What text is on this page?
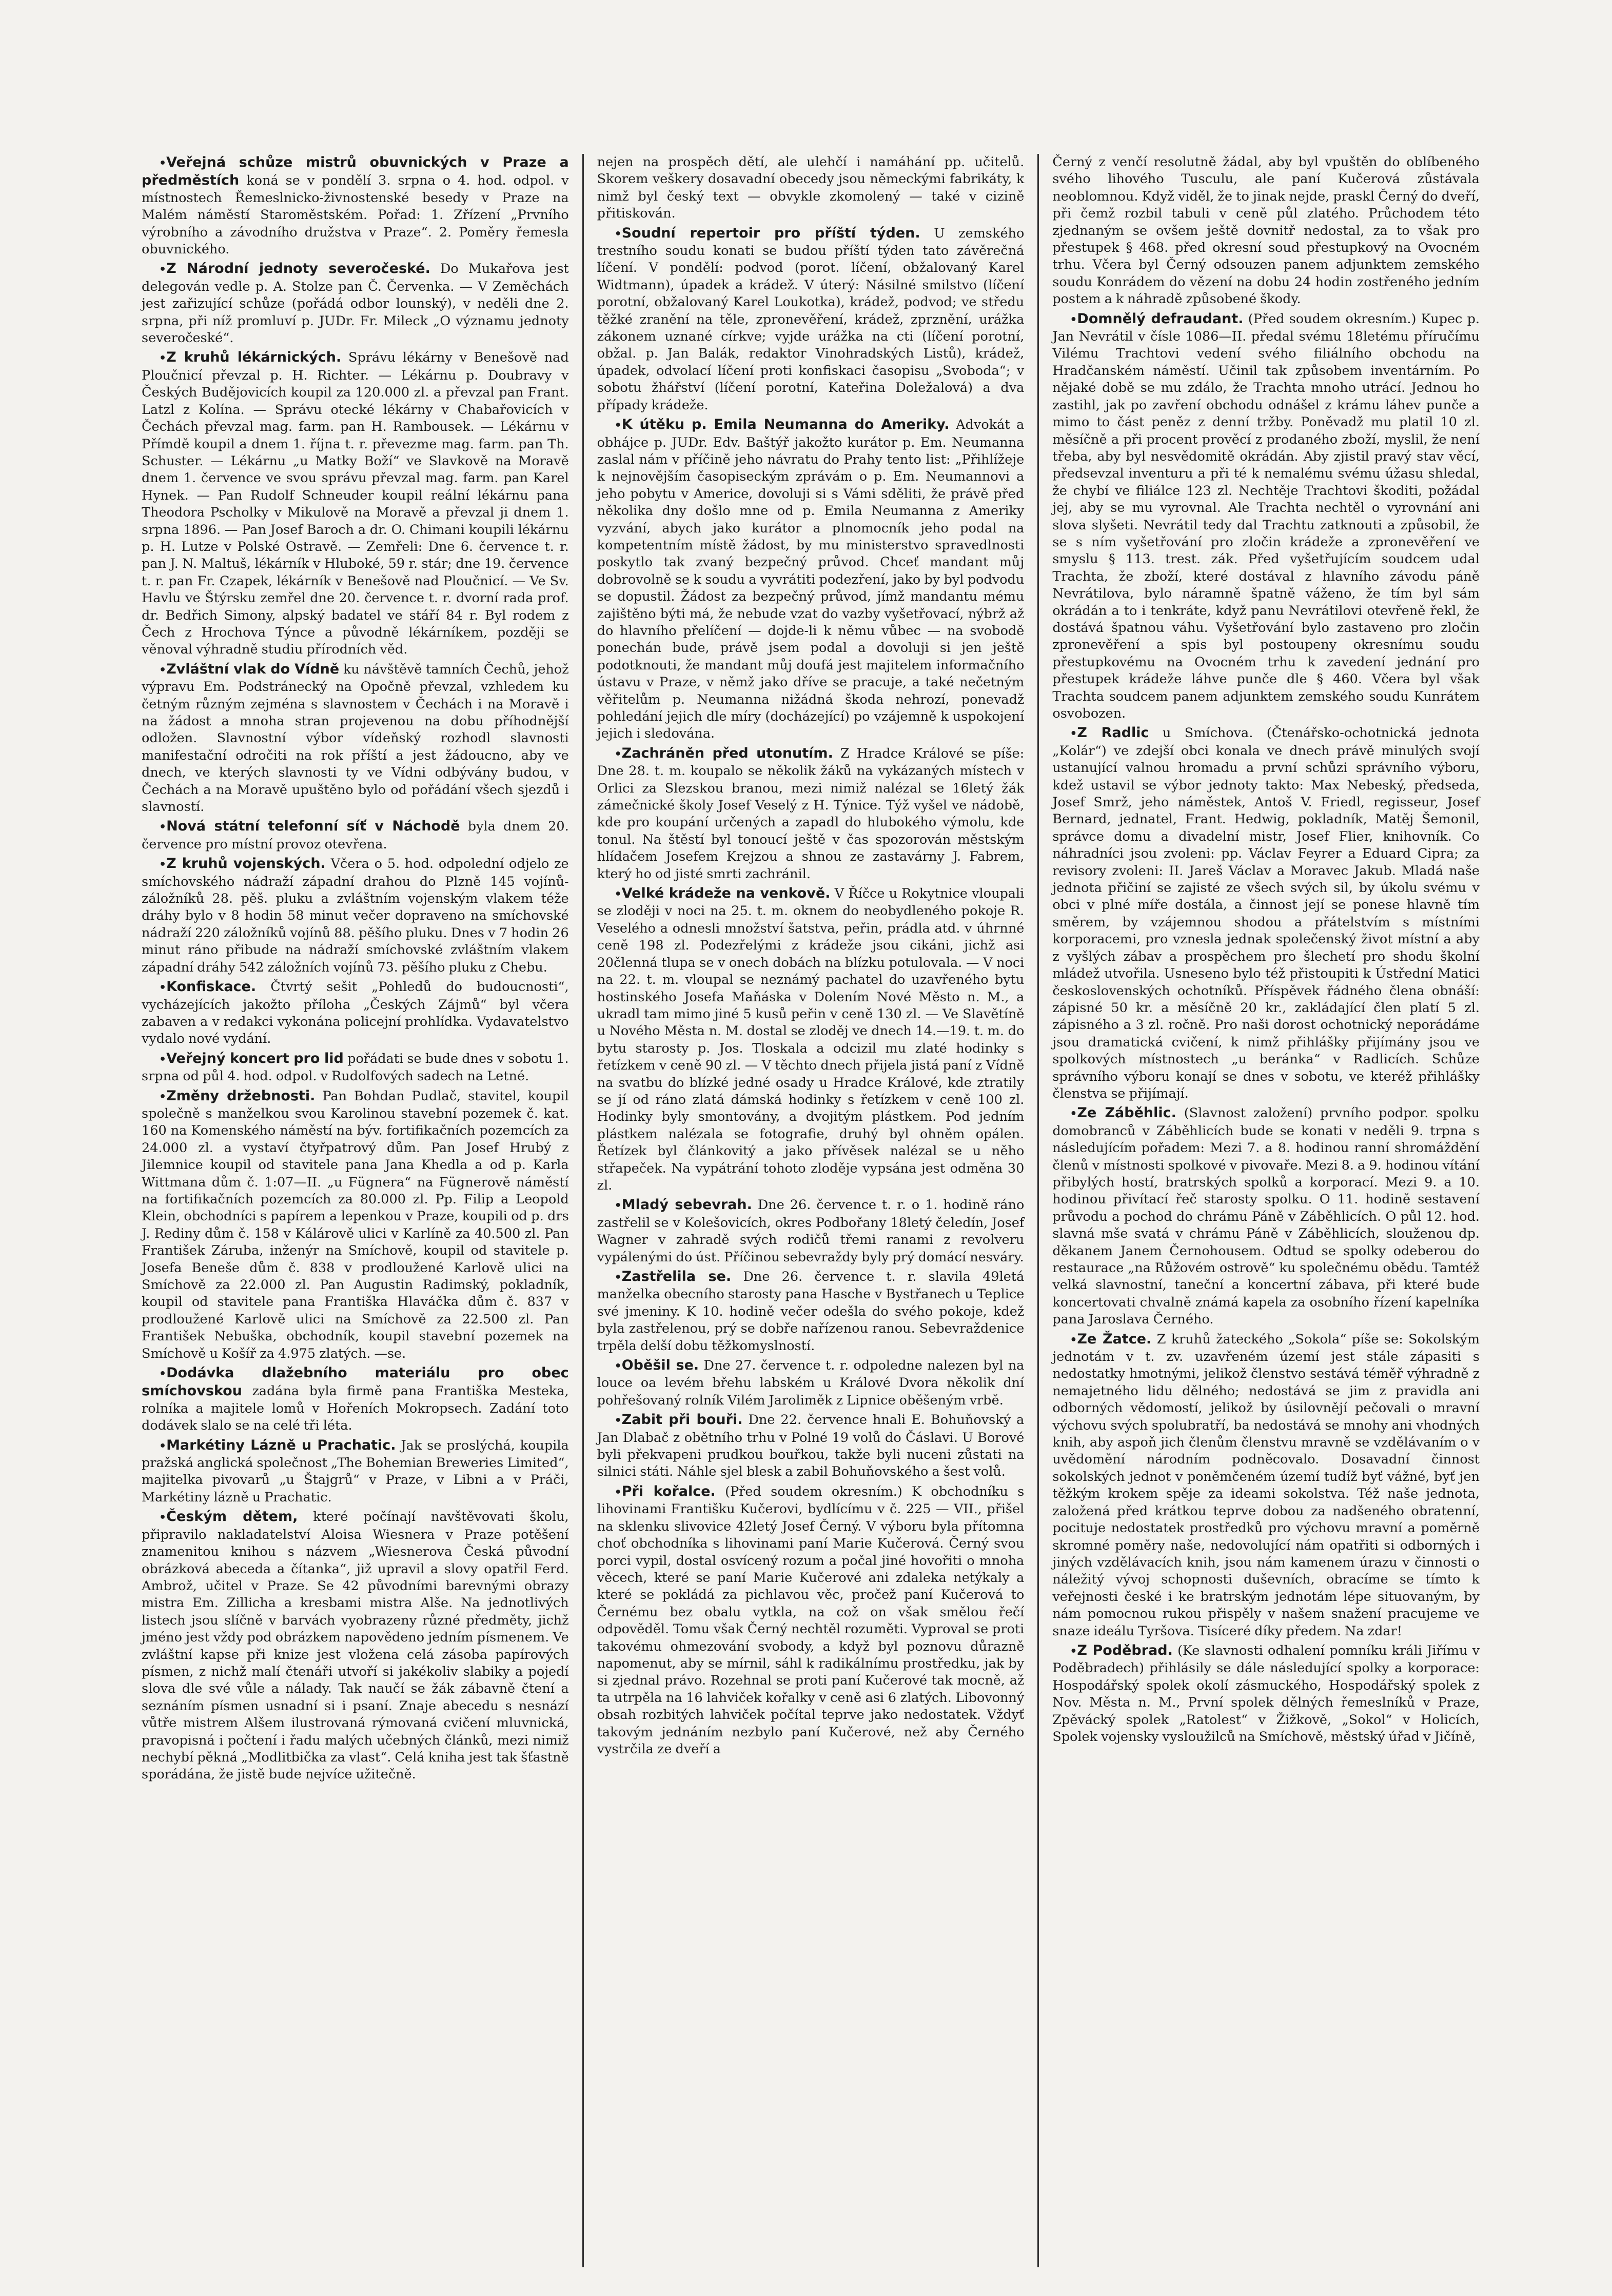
• Veřejná schůze mistrů obuvnických v Praze a předměstích koná se v pondělí 3. srpna o 4. hod. odpol. v místnostech Řemeslnicko-živnostenské besedy v Praze na Malém náměstí Staroměstském. Pořad: 1. Zřízení „Prvního výrobního a závodního družstva v Praze“. 2. Poměry řemesla obuvnického.

• Z Národní jednoty severočeské. Do Mukařova jest delegován vedle p. A. Stolze pan Č. Červenka. — V Zeměchách jest zařizující schůze (pořádá odbor lounský), v neděli dne 2. srpna, při níž promluví p. JUDr. Fr. Mileck „O významu jednoty severočeské“.

• Z kruhů lékárnických. Správu lékárny v Benešově nad Ploučnicí převzal p. H. Richter. — Lékárnu p. Doubravy v Českých Budějovicích koupil za 120.000 zl. a převzal pan Frant. Latzl z Kolína. — Správu otecké lékárny v Chabařovicích v Čechách převzal mag. farm. pan H. Rambousek. — Lékárnu v Přímdě koupil a dnem 1. října t. r. převezme mag. farm. pan Th. Schuster. — Lékárnu „u Matky Boží“ ve Slavkově na Moravě dnem 1. července ve svou správu převzal mag. farm. pan Karel Hynek. — Pan Rudolf Schneuder koupil reální lékárnu pana Theodora Pscholky v Mikulově na Moravě a převzal ji dnem 1. srpna 1896. — Pan Josef Baroch a dr. O. Chimani koupili lékárnu p. H. Lutze v Polské Ostravě. — Zemřeli: Dne 6. července t. r. pan J. N. Maltuš, lékárník v Hluboké, 59 r. stár; dne 19. července t. r. pan Fr. Czapek, lékárník v Benešově nad Ploučnicí. — Ve Sv. Havlu ve Štýrsku zemřel dne 20. července t. r. dvorní rada prof. dr. Bedřich Simony, alpský badatel ve stáří 84 r. Byl rodem z Čech z Hrochova Týnce a původně lékárníkem, později se věnoval výhradně studiu přírodních věd.

• Zvláštní vlak do Vídně ku návštěvě tamních Čechů, jehož výpravu Em. Podstránecký na Opočně převzal, vzhledem ku četným různým zejména s slavnostem v Čechách i na Moravě i na žádost a mnoha stran projevenou na dobu příhodnější odložen. Slavnostní výbor vídeňský rozhodl slavnosti manifestační odročiti na rok příští a jest žádoucno, aby ve dnech, ve kterých slavnosti ty ve Vídni odbývány budou, v Čechách a na Moravě upuštěno bylo od pořádání všech sjezdů i slavností.

• Nová státní telefonní síť v Náchodě byla dnem 20. července pro místní provoz otevřena.

• Z kruhů vojenských. Včera o 5. hod. odpolední odjelo ze smíchovského nádraží západní drahou do Plzně 145 vojínů-záložníků 28. pěš. pluku a zvláštním vojenským vlakem téže dráhy bylo v 8 hodin 58 minut večer dopraveno na smíchovské nádraží 220 záložníků vojínů 88. pěšího pluku. Dnes v 7 hodin 26 minut ráno přibude na nádraží smíchovské zvláštním vlakem západní dráhy 542 záložních vojínů 73. pěšího pluku z Chebu.

• Konfiskace. Čtvrtý sešit „Pohledů do budoucnosti“, vycházejících jakožto příloha „Českých Zájmů“ byl včera zabaven a v redakci vykonána policejní prohlídka. Vydavatelstvo vydalo nové vydání.

• Veřejný koncert pro lid pořádati se bude dnes v sobotu 1. srpna od půl 4. hod. odpol. v Rudolfových sadech na Letné.

• Změny držebnosti. Pan Bohdan Pudlač, stavitel, koupil společně s manželkou svou Karolinou stavební pozemek č. kat. 160 na Komenského náměstí na býv. fortifikačních pozemcích za 24.000 zl. a vystaví čtyřpatrový dům. Pan Josef Hrubý z Jilemnice koupil od stavitele pana Jana Khedla a od p. Karla Wittmana dům č. 1:07—II. „u Fügnera“ na Fügnerově náměstí na fortifikačních pozemcích za 80.000 zl. Pp. Filip a Leopold Klein, obchodníci s papírem a lepenkou v Praze, koupili od p. drs J. Rediny dům č. 158 v Kálárově ulici v Karlíně za 40.500 zl. Pan František Záruba, inženýr na Smíchově, koupil od stavitele p. Josefa Beneše dům č. 838 v prodloužené Karlově ulici na Smíchově za 22.000 zl. Pan Augustin Radimský, pokladník, koupil od stavitele pana Františka Hlaváčka dům č. 837 v prodloužené Karlově ulici na Smíchově za 22.500 zl. Pan František Nebuška, obchodník, koupil stavební pozemek na Smíchově u Košíř za 4.975 zlatých. —se.

• Dodávka dlažebního materiálu pro obec smíchovskou zadána byla firmě pana Františka Mesteka, rolníka a majitele lomů v Hořeních Mokropsech. Zadání toto dodávek slalo se na celé tři léta.

• Markétiny Lázně u Prachatic. Jak se proslýchá, koupila pražská anglická společnost „The Bohemian Breweries Limited“, majitelka pivovarů „u Štajgrů“ v Praze, v Libni a v Práči, Markétiny lázně u Prachatic.

• Českým dětem, které počínají navštěvovati školu, připravilo nakladatelství Aloisa Wiesnera v Praze potěšení znamenitou knihou s názvem „Wiesnerova Česká původní obrázková abeceda a čítanka“, již upravil a slovy opatřil Ferd. Ambrož, učitel v Praze. Se 42 původními barevnými obrazy mistra Em. Zillicha a kresbami mistra Alše. Na jednotlivých listech jsou slíčně v barvách vyobrazeny různé předměty, jichž jméno jest vždy pod obrázkem napovědeno jedním písmenem. Ve zvláštní kapse při knize jest vložena celá zásoba papírových písmen, z nichž malí čtenáři utvoří si jakékoliv slabiky a pojedí slova dle své vůle a nálady. Tak naučí se žák zábavně čtení a seznáním písmen usnadní si i psaní. Znaje abecedu s nesnází vůtře mistrem Alšem ilustrovaná rýmovaná cvičení mluvnická, pravopisná i počtení i řadu malých učebných článků, mezi nimiž nechybí pěkná „Modlitbička za vlast“. Celá kniha jest tak šťastně sporádána, že jistě bude nejvíce užitečně.

nejen na prospěch dětí, ale ulehčí i namáhání pp. učitelů. Skorem veškery dosavadní obecedy jsou německými fabrikáty, k nimž byl český text — obvykle zkomolený — také v cizině přitiskován.

• Soudní repertoir pro příští týden. U zemského trestního soudu konati se budou příští týden tato závěrečná líčení. V pondělí: podvod (porot. líčení, obžalovaný Karel Widtmann), úpadek a krádež. V úterý: Násilné smilstvo (líčení porotní, obžalovaný Karel Loukotka), krádež, podvod; ve středu těžké zranění na těle, zpronevěření, krádež, zprznění, urážka zákonem uznané církve; vyjde urážka na cti (líčení porotní, obžal. p. Jan Balák, redaktor Vinohradských Listů), krádež, úpadek, odvolací líčení proti konfiskaci časopisu „Svoboda“; v sobotu žhářství (líčení porotní, Kateřina Doležalová) a dva případy krádeže.

• K útěku p. Emila Neumanna do Ameriky. Advokát a obhájce p. JUDr. Edv. Baštýř jakožto kurátor p. Em. Neumanna zaslal nám v příčině jeho návratu do Prahy tento list: „Přihlížeje k nejnovějším časopiseckým zprávám o p. Em. Neumannovi a jeho pobytu v Americe, dovoluji si s Vámi sděliti, že právě před několika dny došlo mne od p. Emila Neumanna z Ameriky vyzvání, abych jako kurátor a plnomocník jeho podal na kompetentním místě žádost, by mu ministerstvo spravedlnosti poskytlo tak zvaný bezpečný průvod. Chceť mandant můj dobrovolně se k soudu a vyvrátiti podezření, jako by byl podvodu se dopustil. Žádost za bezpečný průvod, jímž mandantu mému zajištěno býti má, že nebude vzat do vazby vyšetřovací, nýbrž až do hlavního přelíčení — dojde-li k němu vůbec — na svobodě ponechán bude, právě jsem podal a dovoluji si jen ještě podotknouti, že mandant můj doufá jest majitelem informačního ústavu v Praze, v němž jako dříve se pracuje, a také nečetným věřitelům p. Neumanna nižádná škoda nehrozí, ponevadž pohledání jejich dle míry (docházející) po vzájemně k uspokojení jejich i sledována.

• Zachráněn před utonutím. Z Hradce Králové se píše: Dne 28. t. m. koupalo se několik žáků na vykázaných místech v Orlici za Slezskou branou, mezi nimiž nalézal se 16letý žák zámečnické školy Josef Veselý z H. Týnice. Týž vyšel ve nádobě, kde pro koupání určených a zapadl do hlubokého výmolu, kde tonul. Na štěstí byl tonoucí ještě v čas spozorován městským hlídačem Josefem Krejzou a shnou ze zastavárny J. Fabrem, který ho od jisté smrti zachránil.

• Velké krádeže na venkově. V Říčce u Rokytnice vloupali se zloději v noci na 25. t. m. oknem do neobydleného pokoje R. Veselého a odnesli množství šatstva, peřin, prádla atd. v úhrnné ceně 198 zl. Podezřelými z krádeže jsou cikáni, jichž asi 20členná tlupa se v onech dobách na blízku potulovala. — V noci na 22. t. m. vloupal se neznámý pachatel do uzavřeného bytu hostinského Josefa Maňáska v Dolením Nové Město n. M., a ukradl tam mimo jiné 5 kusů peřin v ceně 130 zl. — Ve Slavětíně u Nového Města n. M. dostal se zloděj ve dnech 14.—19. t. m. do bytu starosty p. Jos. Tloskala a odcizil mu zlaté hodinky s řetízkem v ceně 90 zl. — V těchto dnech přijela jistá paní z Vídně na svatbu do blízké jedné osady u Hradce Králové, kde ztratily se jí od ráno zlatá dámská hodinky s řetízkem v ceně 100 zl. Hodinky byly smontovány, a dvojitým plástkem. Pod jedním plástkem nalézala se fotografie, druhý byl ohněm opálen. Řetízek byl článkovitý a jako přívěsek nalézal se u něho střapeček. Na vypátrání tohoto zloděje vypsána jest odměna 30 zl.

• Mladý sebevrah. Dne 26. července t. r. o 1. hodině ráno zastřelil se v Kolešovicích, okres Podbořany 18letý čeledín, Josef Wagner v zahradě svých rodičů třemi ranami z revolveru vypálenými do úst. Příčinou sebevraždy byly prý domácí nesváry.

• Zastřelila se. Dne 26. července t. r. slavila 49letá manželka obecního starosty pana Hasche v Bystřanech u Teplice své jmeniny. K 10. hodině večer odešla do svého pokoje, kdež byla zastřelenou, prý se dobře nařízenou ranou. Sebevraždenice trpěla delší dobu těžkomyslností.

• Oběšil se. Dne 27. července t. r. odpoledne nalezen byl na louce oa levém břehu labském u Králové Dvora několik dní pohřešovaný rolník Vilém Jaroliměk z Lipnice oběšeným vrbě.

• Zabit při bouři. Dne 22. července hnali E. Bohuňovský a Jan Dlabač z obětního trhu v Polné 19 volů do Čáslavi. U Borové byli překvapeni prudkou bouřkou, takže byli nuceni zůstati na silnici státi. Náhle sjel blesk a zabil Bohuňovského a šest volů.

• Při kořalce. (Před soudem okresním.) K obchodníku s lihovinami Františku Kučerovi, bydlícímu v č. 225 — VII., přišel na sklenku slivovice 42letý Josef Černý. V výboru byla přítomna choť obchodníka s lihovinami paní Marie Kučerová. Černý svou porci vypil, dostal osvícený rozum a počal jiné hovořiti o mnoha věcech, které se paní Marie Kučerové ani zdaleka netýkaly a které se pokládá za pichlavou věc, pročež paní Kučerová to Černému bez obalu vytkla, na což on však smělou řečí odpověděl. Tomu však Černý nechtěl rozuměti. Vyproval se proti takovému ohmezování svobody, a když byl poznovu důrazně napomenut, aby se mírnil, sáhl k radikálnímu prostředku, jak by si zjednal právo. Rozehnal se proti paní Kučerové tak mocně, až ta utrpěla na 16 lahviček kořalky v ceně asi 6 zlatých. Libovonný obsah rozbitých lahviček počítal teprve jako nedostatek. Vždyť takovým jednáním nezbylo paní Kučerové, než aby Černého vystrčila ze dveří a

Černý z venčí resolutně žádal, aby byl vpuštěn do oblíbeného svého lihového Tusculu, ale paní Kučerová zůstávala neoblomnou. Když viděl, že to jinak nejde, praskl Černý do dveří, při čemž rozbil tabuli v ceně půl zlatého. Průchodem této zjednaným se ovšem ještě dovnitř nedostal, za to však pro přestupek § 468. před okresní soud přestupkový na Ovocném trhu. Včera byl Černý odsouzen panem adjunktem zemského soudu Konrádem do vězení na dobu 24 hodin zostřeného jedním postem a k náhradě způsobené škody.

• Domnělý defraudant. (Před soudem okresním.) Kupec p. Jan Nevrátil v čísle 1086—II. předal svému 18letému příručímu Vilému Trachtovi vedení svého filiálního obchodu na Hradčanském náměstí. Učinil tak způsobem inventárním. Po nějaké době se mu zdálo, že Trachta mnoho utrácí. Jednou ho zastihl, jak po zavření obchodu odnášel z krámu láhev punče a mimo to část peněz z denní tržby. Poněvadž mu platil 10 zl. měsíčně a při procent prověcí z prodaného zboží, myslil, že není třeba, aby byl nesvědomitě okrádán. Aby zjistil pravý stav věcí, předsevzal inventuru a při té k nemalému svému úžasu shledal, že chybí ve filiálce 123 zl. Nechtěje Trachtovi škoditi, požádal jej, aby se mu vyrovnal. Ale Trachta nechtěl o vyrovnání ani slova slyšeti. Nevrátil tedy dal Trachtu zatknouti a způsobil, že se s ním vyšetřování pro zločin krádeže a zpronevěření ve smyslu § 113. trest. zák. Před vyšetřujícím soudcem udal Trachta, že zboží, které dostával z hlavního závodu páně Nevrátilova, bylo náramně špatně váženo, že tím byl sám okrádán a to i tenkráte, když panu Nevrátilovi otevřeně řekl, že dostává špatnou váhu. Vyšetřování bylo zastaveno pro zločin zpronevěření a spis byl postoupeny okresnímu soudu přestupkovému na Ovocném trhu k zavedení jednání pro přestupek krádeže láhve punče dle § 460. Včera byl však Trachta soudcem panem adjunktem zemského soudu Kunrátem osvobozen.

• Z Radlic u Smíchova. (Čtenářsko-ochotnická jednota „Kolár“) ve zdejší obci konala ve dnech právě minulých svojí ustanující valnou hromadu a první schůzi správního výboru, kdež ustavil se výbor jednoty takto: Max Nebeský, předseda, Josef Smrž, jeho náměstek, Antoš V. Friedl, regisseur, Josef Bernard, jednatel, Frant. Hedwig, pokladník, Matěj Šemonil, správce domu a divadelní mistr, Josef Flier, knihovník. Co náhradníci jsou zvoleni: pp. Václav Feyrer a Eduard Cipra; za revisory zvoleni: II. Jareš Václav a Moravec Jakub. Mladá naše jednota přičiní se zajisté ze všech svých sil, by úkolu svému v obci v plné míře dostála, a činnost její se ponese hlavně tím směrem, by vzájemnou shodou a přátelstvím s místními korporacemi, pro vznesla jednak společenský život místní a aby z vyšlých zábav a prospěchem pro šlechetí pro shodu školní mládež utvořila. Usneseno bylo též přistoupiti k Ústřední Matici československých ochotníků. Příspěvek řádného člena obnáší: zápisné 50 kr. a měsíčně 20 kr., zakládající člen platí 5 zl. zápisného a 3 zl. ročně. Pro naši dorost ochotnický neporádáme jsou dramatická cvičení, k nimž přihlášky přijímány jsou ve spolkových místnostech „u beránka“ v Radlicích. Schůze správního výboru konají se dnes v sobotu, ve kteréž přihlášky členstva se přijímají.

• Ze Záběhlic. (Slavnost založení) prvního podpor. spolku domobranců v Záběhlicích bude se konati v neděli 9. trpna s následujícím pořadem: Mezi 7. a 8. hodinou ranní shromáždění členů v místnosti spolkové v pivovaře. Mezi 8. a 9. hodinou vítání přibylých hostí, bratrských spolků a korporací. Mezi 9. a 10. hodinou přivítací řeč starosty spolku. O 11. hodině sestavení průvodu a pochod do chrámu Páně v Záběhlicích. O půl 12. hod. slavná mše svatá v chrámu Páně v Záběhlicích, slouženou dp. děkanem Janem Černohousem. Odtud se spolky odeberou do restaurace „na Růžovém ostrově“ ku společnému obědu. Tamtéž velká slavnostní, taneční a koncertní zábava, při které bude koncertovati chvalně známá kapela za osobního řízení kapelníka pana Jaroslava Černého.

• Ze Žatce. Z kruhů žateckého „Sokola“ píše se: Sokolským jednotám v t. zv. uzavřeném území jest stále zápasiti s nedostatky hmotnými, jelikož členstvo sestává téměř výhradně z nemajetného lidu dělného; nedostává se jim z pravidla ani odborných vědomostí, jelikož by úsilovnějí pečovali o mravní výchovu svých spolubratří, ba nedostává se mnohy ani vhodných knih, aby aspoň jich členům členstvu mravně se vzdělávaním o v uvědomění národním podněcovalo. Dosavadní činnost sokolských jednot v poněmčeném území tudíž byť vážné, byť jen těžkým krokem spěje za ideami sokolstva. Též naše jednota, založená před krátkou teprve dobou za nadšeného obratenní, pocituje nedostatek prostředků pro výchovu mravní a poměrně skromné poměry naše, nedovolující nám opatřiti si odborných i jiných vzdělávacích knih, jsou nám kamenem úrazu v činnosti o náležitý vývoj schopnosti duševních, obracíme se tímto k veřejnosti české i ke bratrským jednotám lépe situovaným, by nám pomocnou rukou přispěly v našem snažení pracujeme ve snaze ideálu Tyršova. Tisíceré díky předem. Na zdar!

• Z Poděbrad. (Ke slavnosti odhalení pomníku králi Jiřímu v Poděbradech) přihlásily se dále následující spolky a korporace: Hospodářský spolek okolí zásmuckého, Hospodářský spolek z Nov. Města n. M., První spolek dělných řemeslníků v Praze, Zpěvácký spolek „Ratolest“ v Žižkově, „Sokol“ v Holicích, Spolek vojensky vysloužilců na Smíchově, městský úřad v Jičíně,
